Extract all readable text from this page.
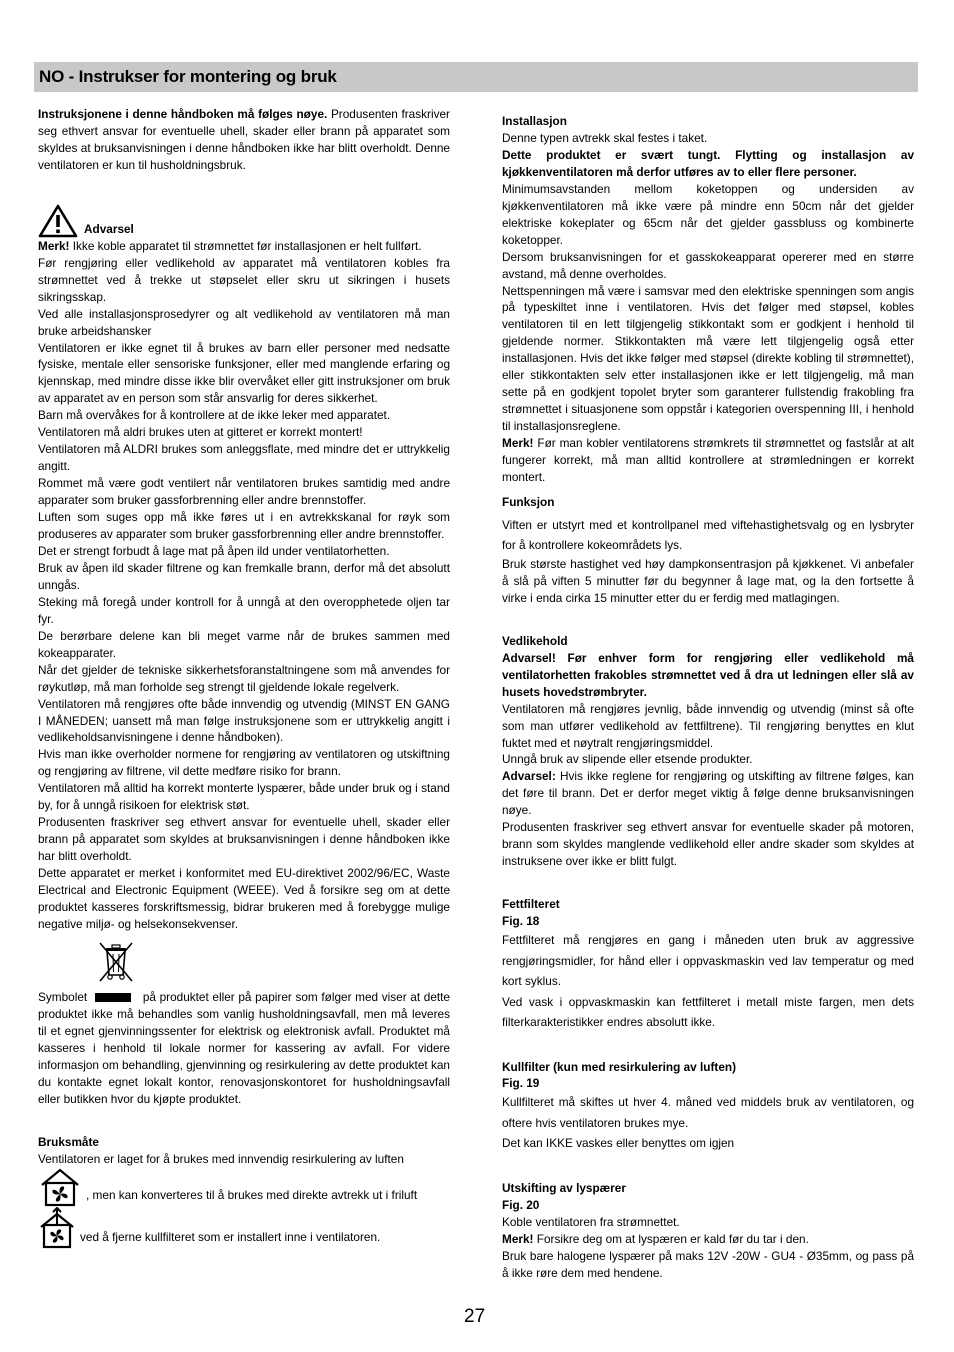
NO - Instrukser for montering og bruk

Instruksjonene i denne håndboken må følges nøye. Produsenten fraskriver seg ethvert ansvar for eventuelle uhell, skader eller brann på apparatet som skyldes at bruksanvisningen i denne håndboken ikke har blitt overholdt. Denne ventilatoren er kun til husholdningsbruk.

Advarsel

Merk! Ikke koble apparatet til strømnettet før installasjonen er helt fullført.

Før rengjøring eller vedlikehold av apparatet må ventilatoren kobles fra strømnettet ved å trekke ut støpselet eller skru ut sikringen i husets sikringsskap.

Ved alle installasjonsprosedyrer og alt vedlikehold av ventilatoren må man bruke arbeidshansker

Ventilatoren er ikke egnet til å brukes av barn eller personer med nedsatte fysiske, mentale eller sensoriske funksjoner, eller med manglende erfaring og kjennskap, med mindre disse ikke blir overvåket eller gitt instruksjoner om bruk av apparatet av en person som står ansvarlig for deres sikkerhet.

Barn må overvåkes for å kontrollere at de ikke leker med apparatet.

Ventilatoren må aldri brukes uten at gitteret er korrekt montert!

Ventilatoren må ALDRI brukes som anleggsflate, med mindre det er uttrykkelig angitt.

Rommet må være godt ventilert når ventilatoren brukes samtidig med andre apparater som bruker gassforbrenning eller andre brennstoffer.

Luften som suges opp må ikke føres ut i en avtrekkskanal for røyk som produseres av apparater som bruker gassforbrenning eller andre brennstoffer.

Det er strengt forbudt å lage mat på åpen ild under ventilatorhetten.

Bruk av åpen ild skader filtrene og kan fremkalle brann, derfor må det absolutt unngås.

Steking må foregå under kontroll for å unngå at den overopphetede oljen tar fyr.

De berørbare delene kan bli meget varme når de brukes sammen med kokeapparater.

Når det gjelder de tekniske sikkerhetsforanstaltningene som må anvendes for røykutløp, må man forholde seg strengt til gjeldende lokale regelverk.

Ventilatoren må rengjøres ofte både innvendig og utvendig (MINST EN GANG I MÅNEDEN; uansett må man følge instruksjonene som er uttrykkelig angitt i vedlikeholdsanvisningene i denne håndboken).

Hvis man ikke overholder normene for rengjøring av ventilatoren og utskiftning og rengjøring av filtrene, vil dette medføre risiko for brann.

Ventilatoren må alltid ha korrekt monterte lyspærer, både under bruk og i stand by, for å unngå risikoen for elektrisk støt.

Produsenten fraskriver seg ethvert ansvar for eventuelle uhell, skader eller brann på apparatet som skyldes at bruksanvisningen i denne håndboken ikke har blitt overholdt.

Dette apparatet er merket i konformitet med EU-direktivet 2002/96/EC, Waste Electrical and Electronic Equipment (WEEE). Ved å forsikre seg om at dette produktet kasseres forskriftsmessig, bidrar brukeren med å forebygge mulige negative miljø- og helsekonsekvenser.

Symbolet	på produktet eller på papirer som følger med viser at dette produktet ikke må behandles som vanlig husholdningsavfall, men må leveres til et egnet gjenvinningssenter for elektrisk og elektronisk avfall. Produktet må kasseres i henhold til lokale normer for kassering av avfall. For videre informasjon om behandling, gjenvinning og resirkulering av dette produktet kan du kontakte egnet lokalt kontor, renovasjonskontoret for husholdningsavfall eller butikken hvor du kjøpte produktet.

Bruksmåte

Ventilatoren er laget for å brukes med innvendig resirkulering av luften

, men kan konverteres til å brukes med direkte avtrekk ut i friluft
ved å fjerne kullfilteret som er installert inne i ventilatoren.

Installasjon

Denne typen avtrekk skal festes i taket.

Dette produktet er svært tungt. Flytting og installasjon av kjøkkenventilatoren må derfor utføres av to eller flere personer.

Minimumsavstanden mellom koketoppen og undersiden av kjøkkenventilatoren må ikke være på mindre enn 50cm når det gjelder elektriske kokeplater og 65cm når det gjelder gassbluss og kombinerte koketopper.

Dersom bruksanvisningen for et gasskokeapparat opererer med en større avstand, må denne overholdes.

Nettspenningen må være i samsvar med den elektriske spenningen som angis på typeskiltet inne i ventilatoren. Hvis det følger med støpsel, kobles ventilatoren til en lett tilgjengelig stikkontakt som er godkjent i henhold til gjeldende normer. Stikkontakten må være lett tilgjengelig også etter installasjonen. Hvis det ikke følger med støpsel (direkte kobling til strømnettet), eller stikkontakten selv etter installasjonen ikke er lett tilgjengelig, må man sette på en godkjent topolet bryter som garanterer fullstendig frakobling fra strømnettet i situasjonene som oppstår i kategorien overspenning III, i henhold til installasjonsreglene.

Merk! Før man kobler ventilatorens strømkrets til strømnettet og fastslår at alt fungerer korrekt, må man alltid kontrollere at strømledningen er korrekt montert.

Funksjon

Viften er utstyrt med et kontrollpanel med viftehastighetsvalg og en lysbryter for å kontrollere kokeområdets lys.

Bruk største hastighet ved høy dampkonsentrasjon på kjøkkenet. Vi anbefaler å slå på viften 5 minutter før du begynner å lage mat, og la den fortsette å virke i enda cirka 15 minutter etter du er ferdig med matlagingen.

Vedlikehold

Advarsel! Før enhver form for rengjøring eller vedlikehold må ventilatorhetten frakobles strømnettet ved å dra ut ledningen eller slå av husets hovedstrømbryter.

Ventilatoren må rengjøres jevnlig, både innvendig og utvendig (minst så ofte som man utfører vedlikehold av fettfiltrene). Til rengjøring benyttes en klut fuktet med et nøytralt rengjøringsmiddel.

Unngå bruk av slipende eller etsende produkter.

Advarsel: Hvis ikke reglene for rengjøring og utskifting av filtrene følges, kan det føre til brann. Det er derfor meget viktig å følge denne bruksanvisningen nøye.

Produsenten fraskriver seg ethvert ansvar for eventuelle skader på motoren, brann som skyldes manglende vedlikehold eller andre skader som skyldes at instruksene over ikke er blitt fulgt.

Fettfilteret

Fig. 18

Fettfilteret må rengjøres en gang i måneden uten bruk av aggressive rengjøringsmidler, for hånd eller i oppvaskmaskin ved lav temperatur og med kort syklus.

Ved vask i oppvaskmaskin kan fettfilteret i metall miste fargen, men dets filterkarakteristikker endres absolutt ikke.

Kullfilter (kun med resirkulering av luften)

Fig. 19

Kullfilteret må skiftes ut hver 4. måned ved middels bruk av ventilatoren, og oftere hvis ventilatoren brukes mye.

Det kan IKKE vaskes eller benyttes om igjen

Utskifting av lyspærer

Fig. 20

Koble ventilatoren fra strømnettet.

Merk! Forsikre deg om at lyspæren er kald før du tar i den.

Bruk bare halogene lyspærer på maks 12V -20W - GU4 - Ø35mm, og pass på å ikke røre dem med hendene.

27
